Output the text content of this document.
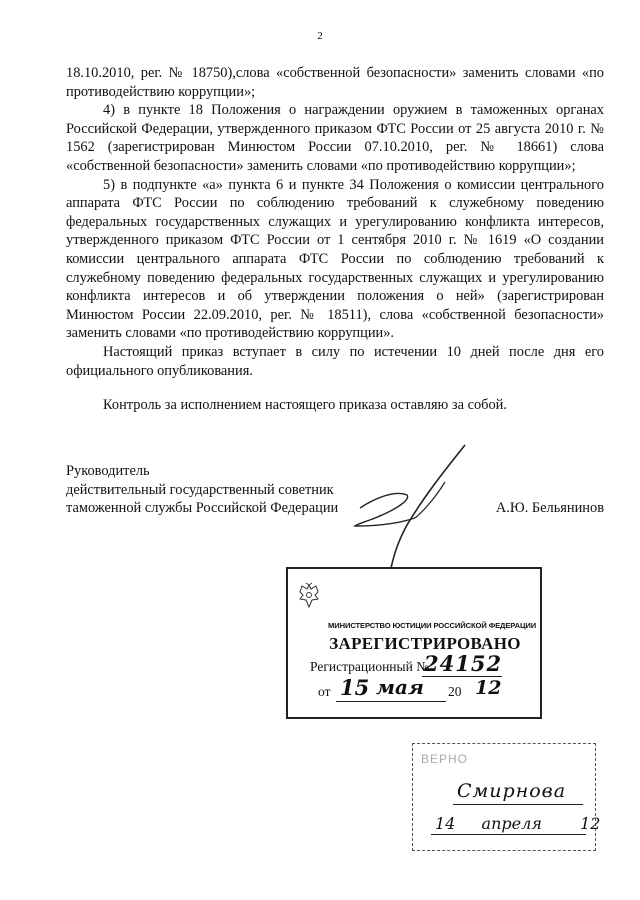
2

18.10.2010, рег. № 18750),слова «собственной безопасности» заменить словами «по противодействию коррупции»;

4) в пункте 18 Положения о награждении оружием в таможенных органах Российской Федерации, утвержденного приказом ФТС России от 25 августа 2010 г. № 1562 (зарегистрирован Минюстом России 07.10.2010, рег. № 18661) слова «собственной безопасности» заменить словами «по противодействию коррупции»;

5) в подпункте «а» пункта 6 и пункте 34 Положения о комиссии центрального аппарата ФТС России по соблюдению требований к служебному поведению федеральных государственных служащих и урегулированию конфликта интересов, утвержденного приказом ФТС России от 1 сентября 2010 г. № 1619 «О создании комиссии центрального аппарата ФТС России по соблюдению требований к служебному поведению федеральных государственных служащих и урегулированию конфликта интересов и об утверждении положения о ней» (зарегистрирован Минюстом России 22.09.2010, рег. № 18511), слова «собственной безопасности» заменить словами «по противодействию коррупции».

Настоящий приказ вступает в силу по истечении 10 дней после дня его официального опубликования.

Контроль за исполнением настоящего приказа оставляю за собой.

Руководитель
действительный государственный советник
таможенной службы Российской Федерации	А.Ю. Бельянинов
МИНИСТЕРСТВО ЮСТИЦИИ РОССИЙСКОЙ ФЕДЕРАЦИИ
ЗАРЕГИСТРИРОВАНО
Регистрационный №
24152
от 15 мая 20 12
ВЕРНО
Смирнова
14 апреля 12
